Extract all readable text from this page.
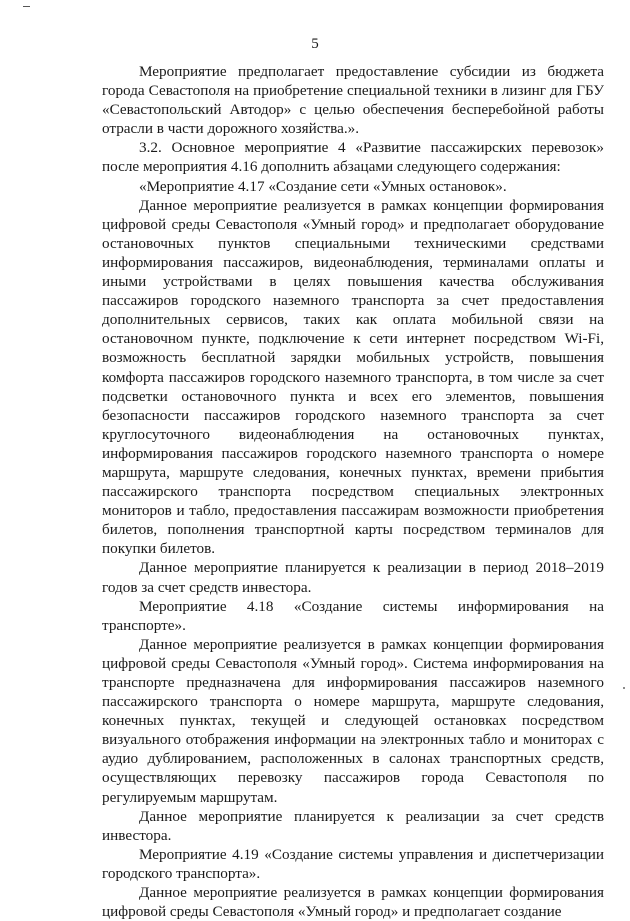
5

Мероприятие предполагает предоставление субсидии из бюджета города Севастополя на приобретение специальной техники в лизинг для ГБУ «Севастопольский Автодор» с целью обеспечения бесперебойной работы отрасли в части дорожного хозяйства.».

3.2. Основное мероприятие 4 «Развитие пассажирских перевозок» после мероприятия 4.16 дополнить абзацами следующего содержания:

«Мероприятие 4.17 «Создание сети «Умных остановок».

Данное мероприятие реализуется в рамках концепции формирования цифровой среды Севастополя «Умный город» и предполагает оборудование остановочных пунктов специальными техническими средствами информирования пассажиров, видеонаблюдения, терминалами оплаты и иными устройствами в целях повышения качества обслуживания пассажиров городского наземного транспорта за счет предоставления дополнительных сервисов, таких как оплата мобильной связи на остановочном пункте, подключение к сети интернет посредством Wi-Fi, возможность бесплатной зарядки мобильных устройств, повышения комфорта пассажиров городского наземного транспорта, в том числе за счет подсветки остановочного пункта и всех его элементов, повышения безопасности пассажиров городского наземного транспорта за счет круглосуточного видеонаблюдения на остановочных пунктах, информирования пассажиров городского наземного транспорта о номере маршрута, маршруте следования, конечных пунктах, времени прибытия пассажирского транспорта посредством специальных электронных мониторов и табло, предоставления пассажирам возможности приобретения билетов, пополнения транспортной карты посредством терминалов для покупки билетов.

Данное мероприятие планируется к реализации в период 2018–2019 годов за счет средств инвестора.

Мероприятие 4.18 «Создание системы информирования на транспорте».

Данное мероприятие реализуется в рамках концепции формирования цифровой среды Севастополя «Умный город». Система информирования на транспорте предназначена для информирования пассажиров наземного пассажирского транспорта о номере маршрута, маршруте следования, конечных пунктах, текущей и следующей остановках посредством визуального отображения информации на электронных табло и мониторах с аудио дублированием, расположенных в салонах транспортных средств, осуществляющих перевозку пассажиров города Севастополя по регулируемым маршрутам.

Данное мероприятие планируется к реализации за счет средств инвестора.

Мероприятие 4.19 «Создание системы управления и диспетчеризации городского транспорта».

Данное мероприятие реализуется в рамках концепции формирования цифровой среды Севастополя «Умный город» и предполагает создание
